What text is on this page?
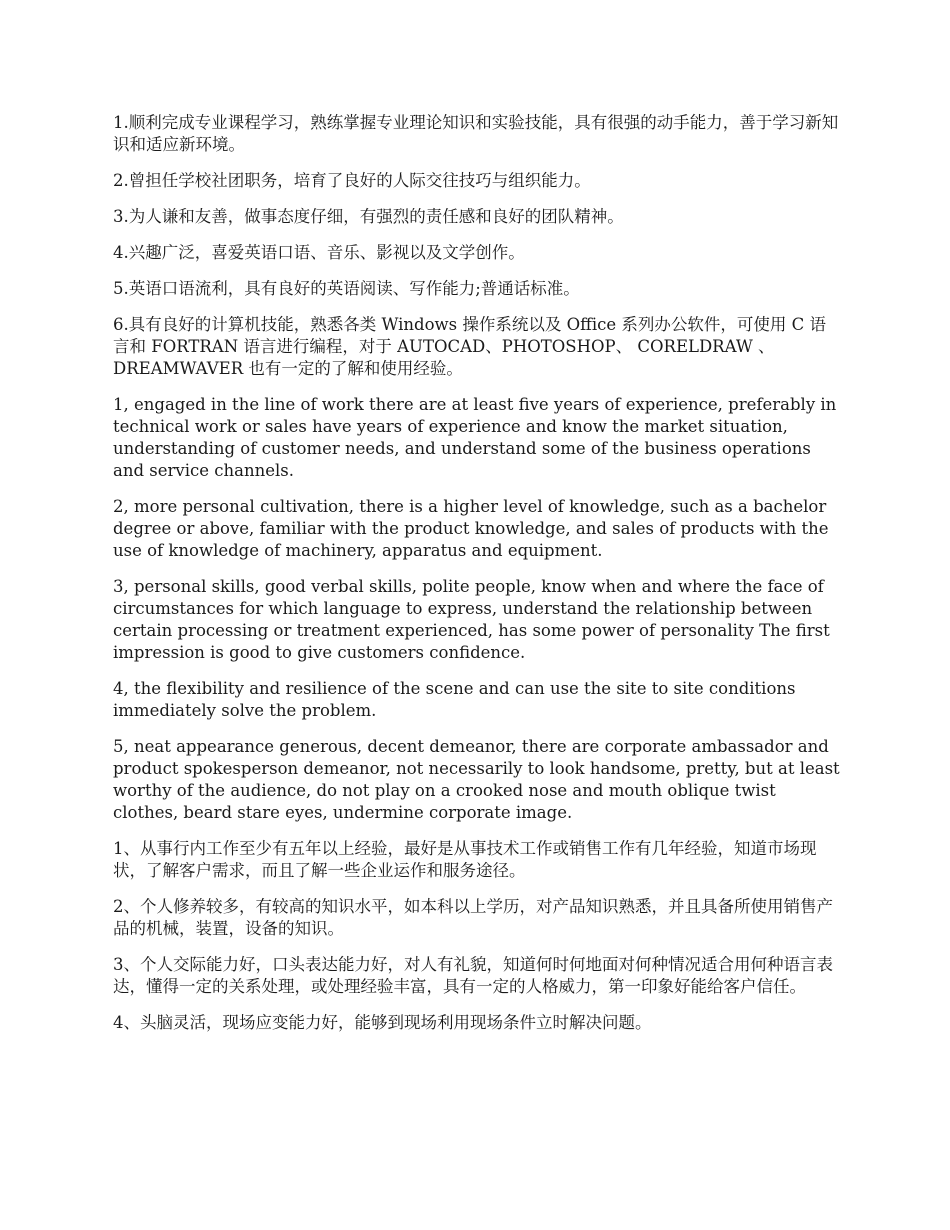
1.顺利完成专业课程学习，熟练掌握专业理论知识和实验技能，具有很强的动手能力，善于学习新知识和适应新环境。

2.曾担任学校社团职务，培育了良好的人际交往技巧与组织能力。

3.为人谦和友善，做事态度仔细，有强烈的责任感和良好的团队精神。

4.兴趣广泛，喜爱英语口语、音乐、影视以及文学创作。

5.英语口语流利，具有良好的英语阅读、写作能力;普通话标准。

6.具有良好的计算机技能，熟悉各类 Windows 操作系统以及 Office 系列办公软件，可使用 C 语言和 FORTRAN 语言进行编程，对于 AUTOCAD、PHOTOSHOP、 CORELDRAW 、DREAMWAVER 也有一定的了解和使用经验。

1, engaged in the line of work there are at least five years of experience, preferably in technical work or sales have years of experience and know the market situation, understanding of customer needs, and understand some of the business operations and service channels.

2, more personal cultivation, there is a higher level of knowledge, such as a bachelor degree or above, familiar with the product knowledge, and sales of products with the use of knowledge of machinery, apparatus and equipment.

3, personal skills, good verbal skills, polite people, know when and where the face of circumstances for which language to express, understand the relationship between certain processing or treatment experienced, has some power of personality The first impression is good to give customers confidence.

4, the flexibility and resilience of the scene and can use the site to site conditions immediately solve the problem.

5, neat appearance generous, decent demeanor, there are corporate ambassador and product spokesperson demeanor, not necessarily to look handsome, pretty, but at least worthy of the audience, do not play on a crooked nose and mouth oblique twist clothes, beard stare eyes, undermine corporate image.

1、从事行内工作至少有五年以上经验，最好是从事技术工作或销售工作有几年经验，知道市场现状，了解客户需求，而且了解一些企业运作和服务途径。

2、个人修养较多，有较高的知识水平，如本科以上学历，对产品知识熟悉，并且具备所使用销售产品的机械，装置，设备的知识。

3、个人交际能力好，口头表达能力好，对人有礼貌，知道何时何地面对何种情况适合用何种语言表达，懂得一定的关系处理，或处理经验丰富，具有一定的人格威力，第一印象好能给客户信任。

4、头脑灵活，现场应变能力好，能够到现场利用现场条件立时解决问题。
